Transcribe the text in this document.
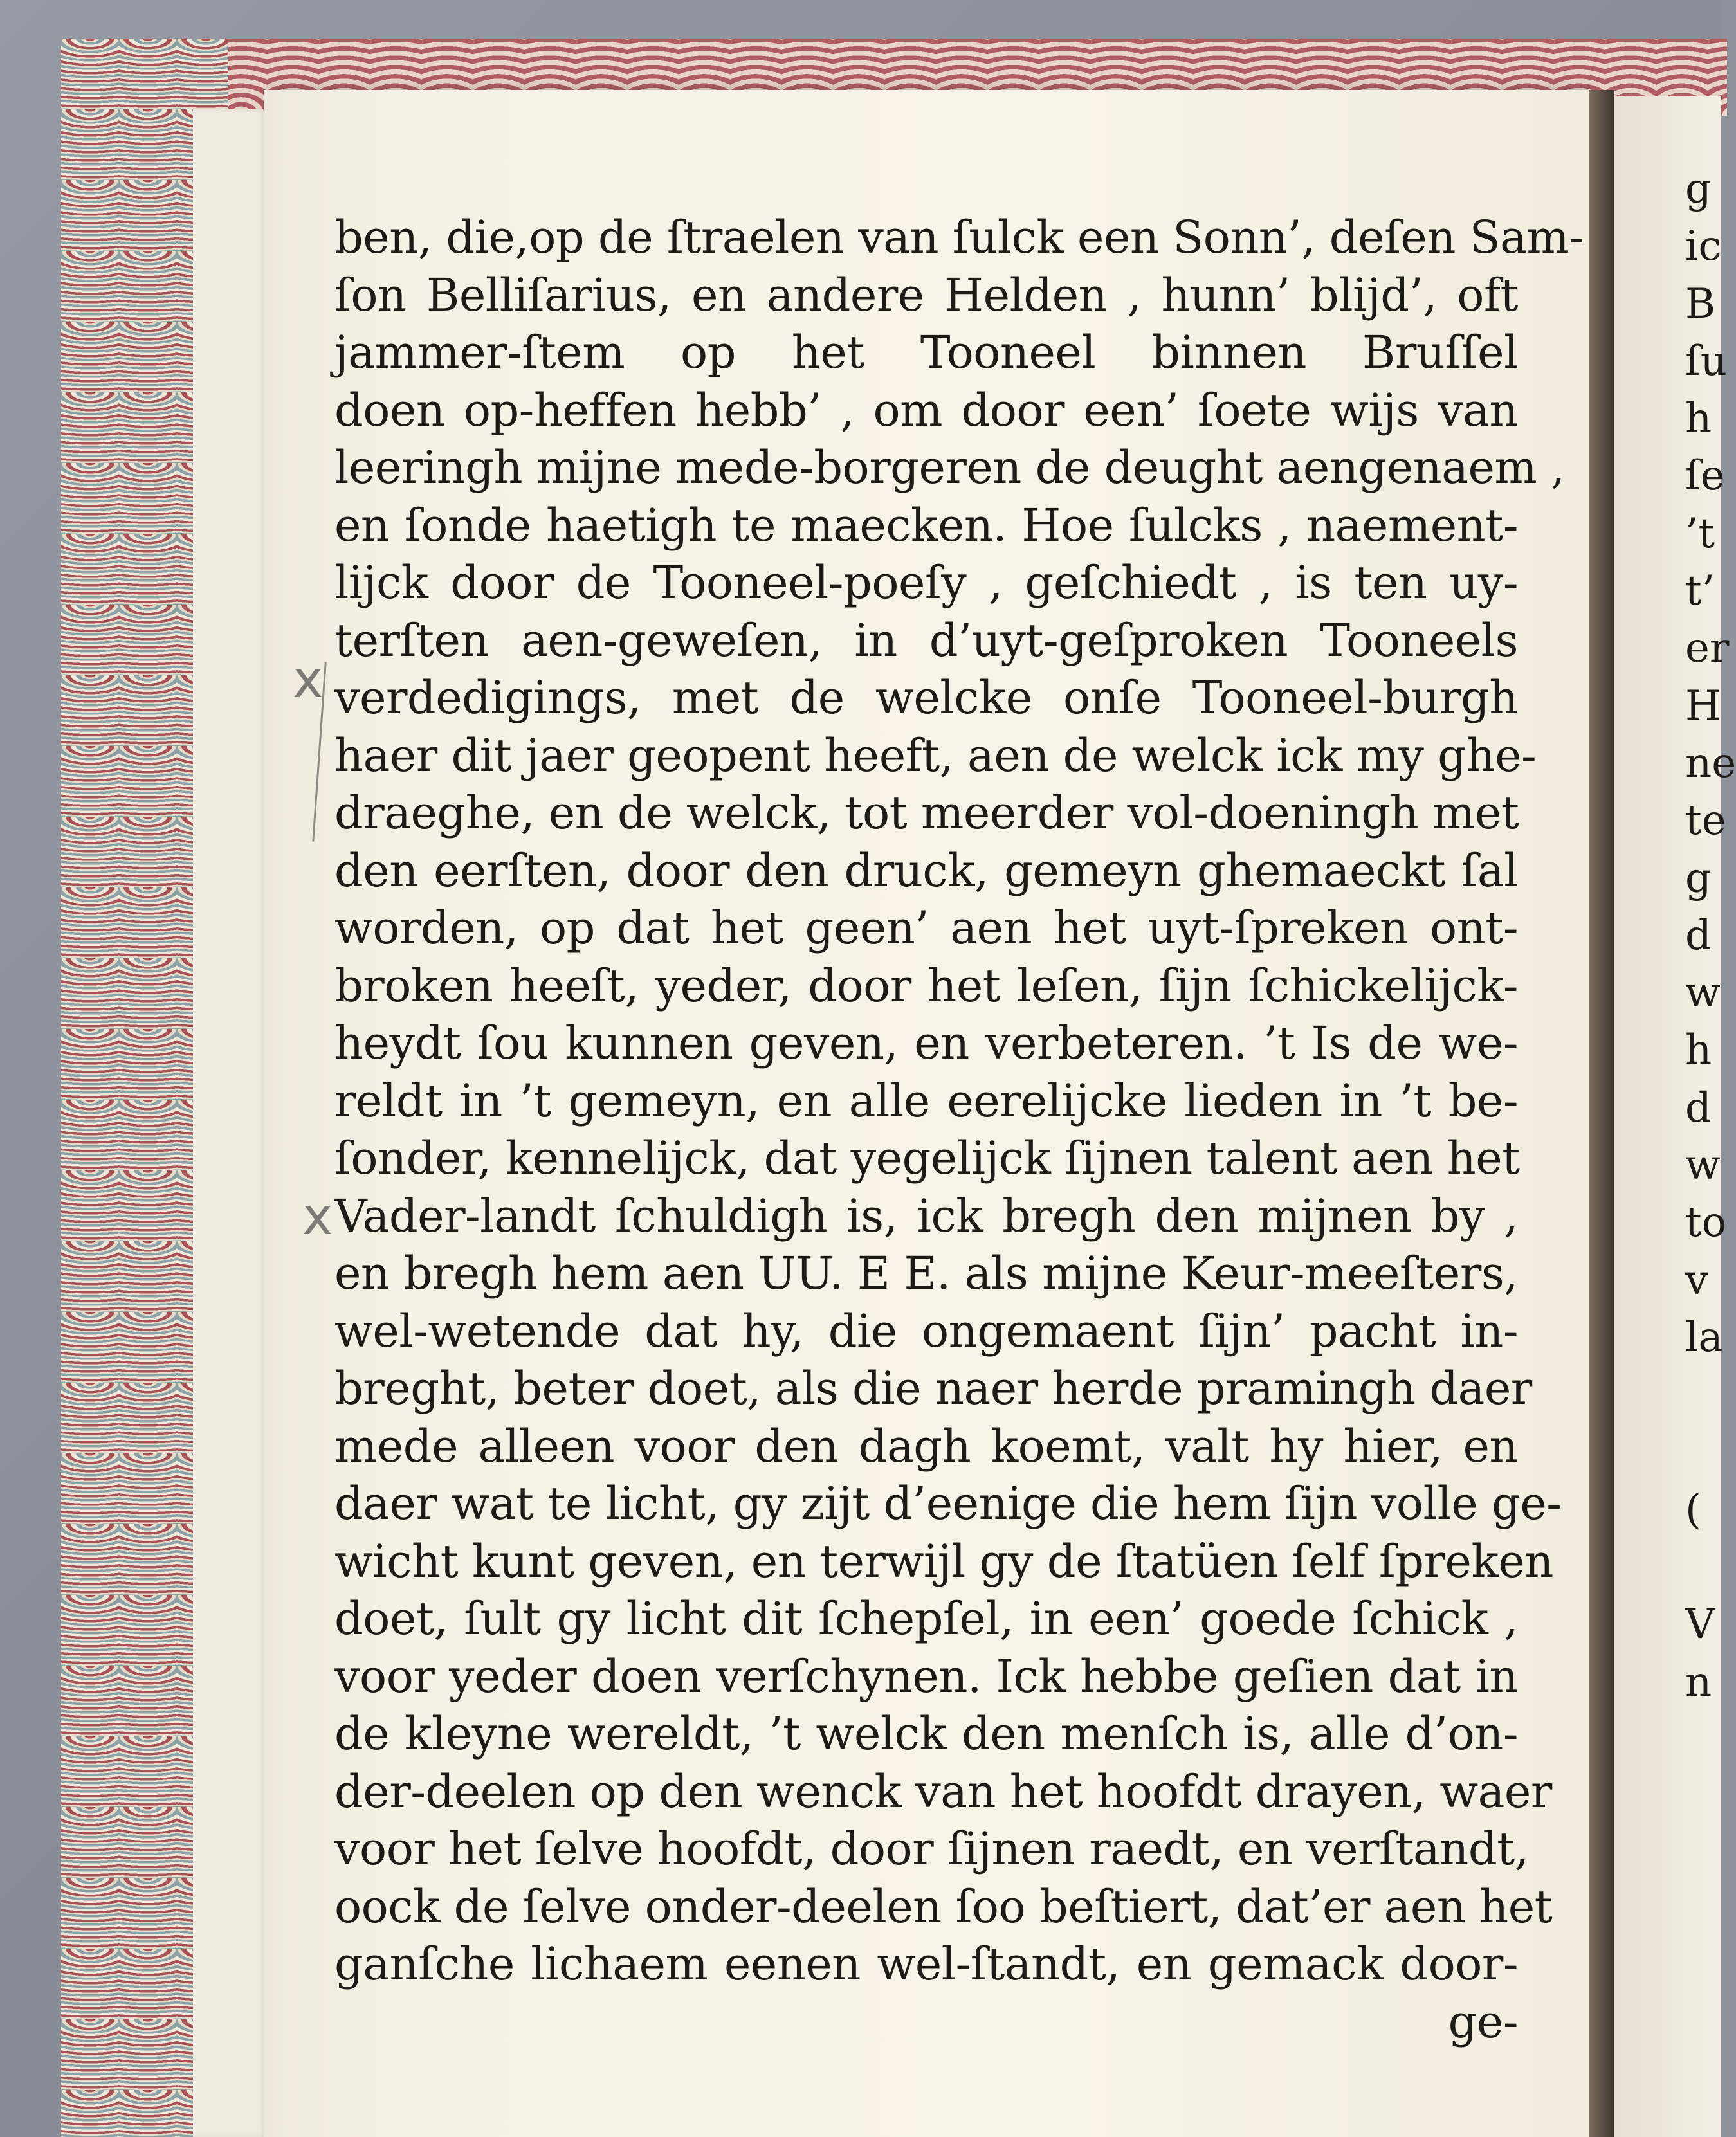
x
x
ben, die,op de ſtraelen van ſulck een Sonn’, deſen Sam-
ſon Belliſarius, en andere Helden , hunn’ blijd’, oft
jammer-ſtem op het Tooneel binnen Bruſſel
doen op-heffen hebb’ , om door een’ ſoete wijs van
leeringh mijne mede-borgeren de deught aengenaem ,
en ſonde haetigh te maecken. Hoe ſulcks , naement-
lijck door de Tooneel-poeſy , geſchiedt , is ten uy-
terſten aen-geweſen, in d’uyt-geſproken Tooneels
verdedigings, met de welcke onſe Tooneel-burgh
haer dit jaer geopent heeft, aen de welck ick my ghe-
draeghe, en de welck, tot meerder vol-doeningh met
den eerſten, door den druck, gemeyn ghemaeckt ſal
worden, op dat het geen’ aen het uyt-ſpreken ont-
broken heeſt, yeder, door het leſen, ſijn ſchickelijck-
heydt ſou kunnen geven, en verbeteren. ’t Is de we-
reldt in ’t gemeyn, en alle eerelijcke lieden in ’t be-
ſonder, kennelijck, dat yegelijck ſijnen talent aen het
Vader-landt ſchuldigh is, ick bregh den mijnen by ,
en bregh hem aen UU. E E. als mijne Keur-meeſters,
wel-wetende dat hy, die ongemaent ſijn’ pacht in-
breght, beter doet, als die naer herde pramingh daer
mede alleen voor den dagh koemt, valt hy hier, en
daer wat te licht, gy zijt d’eenige die hem ſijn volle ge-
wicht kunt geven, en terwijl gy de ſtatüen ſelf ſpreken
doet, ſult gy licht dit ſchepſel, in een’ goede ſchick ,
voor yeder doen verſchynen. Ick hebbe geſien dat in
de kleyne wereldt, ’t welck den menſch is, alle d’on-
der-deelen op den wenck van het hoofdt drayen, waer
voor het ſelve hoofdt, door ſijnen raedt, en verſtandt,
oock de ſelve onder-deelen ſoo beſtiert, dat’er aen het
ganſche lichaem eenen wel-ſtandt, en gemack door-
ge-
g
ic
B
ſu
h
ſe
’t
t’
er
H
ne
te
g
d
w
h
d
w
to
v
la
(
V
n
